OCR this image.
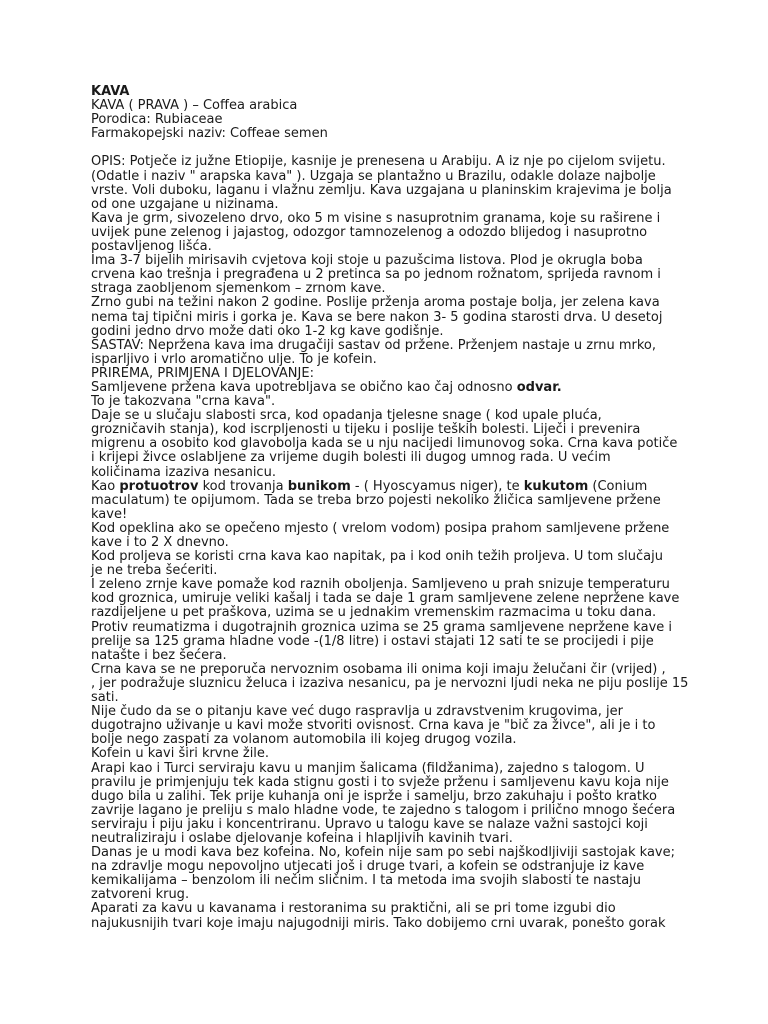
KAVA
KAVA ( PRAVA ) – Coffea arabica
Porodica: Rubiaceae
Farmakopejski naziv: Coffeae semen
OPIS: Potječe iz južne Etiopije, kasnije je prenesena u Arabiju. A iz nje po cijelom svijetu.
(Odatle i naziv " arapska kava" ). Uzgaja se plantažno u Brazilu, odakle dolaze najbolje
vrste. Voli duboku, laganu i vlažnu zemlju. Kava uzgajana u planinskim krajevima je bolja
od one uzgajane u nizinama.
Kava je grm, sivozeleno drvo, oko 5 m visine s nasuprotnim granama, koje su raširene i
uvijek pune zelenog i jajastog, odozgor tamnozelenog a odozdo blijedog i nasuprotno
postavljenog lišća.
Ima 3-7 bijelih mirisavih cvjetova koji stoje u pazušcima listova. Plod je okrugla boba
crvena kao trešnja i pregrađena u 2 pretinca sa po jednom rožnatom, sprijeda ravnom i
straga zaobljenom sjemenkom – zrnom kave.
Zrno gubi na težini nakon 2 godine. Poslije prženja aroma postaje bolja, jer zelena kava
nema taj tipični miris i gorka je. Kava se bere nakon 3- 5 godina starosti drva. U desetoj
godini jedno drvo može dati oko 1-2 kg kave godišnje.
SASTAV: Nepržena kava ima drugačiji sastav od pržene. Prženjem nastaje u zrnu mrko,
isparljivo i vrlo aromatično ulje. To je kofein.
PRIREMA, PRIMJENA I DJELOVANJE:
Samljevene pržena kava upotrebljava se obično kao čaj odnosno odvar.
To je takozvana "crna kava".
Daje se u slučaju slabosti srca, kod opadanja tjelesne snage ( kod upale pluća,
grozničavih stanja), kod iscrpljenosti u tijeku i poslije teških bolesti. Liječi i prevenira
migrenu a osobito kod glavobolja kada se u nju nacijedi limunovog soka. Crna kava potiče
i krijepi živce oslabljene za vrijeme dugih bolesti ili dugog umnog rada. U većim
količinama izaziva nesanicu.
Kao protuotrov kod trovanja bunikom - ( Hyoscyamus niger), te kukutom (Conium
maculatum) te opijumom. Tada se treba brzo pojesti nekoliko žličica samljevene pržene
kave!
Kod opeklina ako se opečeno mjesto ( vrelom vodom) posipa prahom samljevene pržene
kave i to 2 X dnevno.
Kod proljeva se koristi crna kava kao napitak, pa i kod onih težih proljeva. U tom slučaju
je ne treba šećeriti.
I zeleno zrnje kave pomaže kod raznih oboljenja. Samljeveno u prah snizuje temperaturu
kod groznica, umiruje veliki kašalj i tada se daje 1 gram samljevene zelene nepržene kave
razdijeljene u pet praškova, uzima se u jednakim vremenskim razmacima u toku dana.
Protiv reumatizma i dugotrajnih groznica uzima se 25 grama samljevene nepržene kave i
prelije sa 125 grama hladne vode -(1/8 litre) i ostavi stajati 12 sati te se procijedi i pije
natašte i bez šećera.
Crna kava se ne preporuča nervoznim osobama ili onima koji imaju želučani čir (vrijed) ,
, jer podražuje sluznicu želuca i izaziva nesanicu, pa je nervozni ljudi neka ne piju poslije 15
sati.
Nije čudo da se o pitanju kave već dugo raspravlja u zdravstvenim krugovima, jer
dugotrajno uživanje u kavi može stvoriti ovisnost. Crna kava je "bič za živce", ali je i to
bolje nego zaspati za volanom automobila ili kojeg drugog vozila.
Kofein u kavi širi krvne žile.
Arapi kao i Turci serviraju kavu u manjim šalicama (fildžanima), zajedno s talogom. U
pravilu je primjenjuju tek kada stignu gosti i to svježe prženu i samljevenu kavu koja nije
dugo bila u zalihi. Tek prije kuhanja oni je isprže i samelju, brzo zakuhaju i pošto kratko
zavrije lagano je preliju s malo hladne vode, te zajedno s talogom i prilično mnogo šećera
serviraju i piju jaku i koncentriranu. Upravo u talogu kave se nalaze važni sastojci koji
neutraliziraju i oslabe djelovanje kofeina i hlapljivih kavinih tvari.
Danas je u modi kava bez kofeina. No, kofein nije sam po sebi najškodljiviji sastojak kave;
na zdravlje mogu nepovoljno utjecati još i druge tvari, a kofein se odstranjuje iz kave
kemikalijama – benzolom ili nečim sličnim. I ta metoda ima svojih slabosti te nastaju
zatvoreni krug.
Aparati za kavu u kavanama i restoranima su praktični, ali se pri tome izgubi dio
najukusnijih tvari koje imaju najugodniji miris. Tako dobijemo crni uvarak, ponešto gorak
